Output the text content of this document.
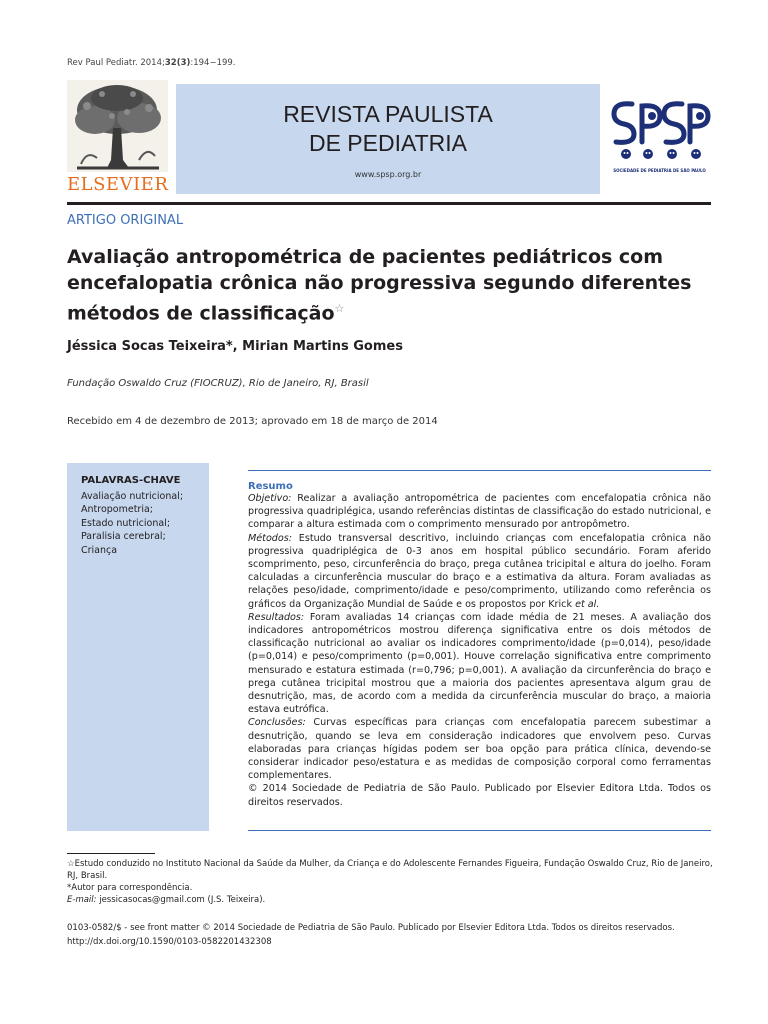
Rev Paul Pediatr. 2014;32(3):194−199.
ELSEVIER
REVISTA PAULISTA
DE PEDIATRIA
www.spsp.org.br	SOCIEDADE DE PEDIATRIA DE SÃO PAULO
ARTIGO ORIGINAL
Avaliação antropométrica de pacientes pediátricos com encefalopatia crônica não progressiva segundo diferentes métodos de classificação☆
Jéssica Socas Teixeira*, Mirian Martins Gomes
Fundação Oswaldo Cruz (FIOCRUZ), Rio de Janeiro, RJ, Brasil
Recebido em 4 de dezembro de 2013; aprovado em 18 de março de 2014
PALAVRAS-CHAVE
Avaliação nutricional;
Antropometria;
Estado nutricional;
Paralisia cerebral;
Criança
Resumo

Objetivo: Realizar a avaliação antropométrica de pacientes com encefalopatia crônica não progressiva quadriplégica, usando referências distintas de classificação do estado nutricional, e comparar a altura estimada com o comprimento mensurado por antropômetro.

Métodos: Estudo transversal descritivo, incluindo crianças com encefalopatia crônica não progressiva quadriplégica de 0-3 anos em hospital público secundário. Foram aferido scomprimento, peso, circunferência do braço, prega cutânea tricipital e altura do joelho. Foram calculadas a circunferência muscular do braço e a estimativa da altura. Foram avaliadas as relações peso/idade, comprimento/idade e peso/comprimento, utilizando como referência os gráficos da Organização Mundial de Saúde e os propostos por Krick et al.

Resultados: Foram avaliadas 14 crianças com idade média de 21 meses. A avaliação dos indicadores antropométricos mostrou diferença significativa entre os dois métodos de classificação nutricional ao avaliar os indicadores comprimento/idade (p=0,014), peso/idade (p=0,014) e peso/comprimento (p=0,001). Houve correlação significativa entre comprimento mensurado e estatura estimada (r=0,796; p=0,001). A avaliação da circunferência do braço e prega cutânea tricipital mostrou que a maioria dos pacientes apresentava algum grau de desnutrição, mas, de acordo com a medida da circunferência muscular do braço, a maioria estava eutrófica.

Conclusões: Curvas específicas para crianças com encefalopatia parecem subestimar a desnutrição, quando se leva em consideração indicadores que envolvem peso. Curvas elaboradas para crianças hígidas podem ser boa opção para prática clínica, devendo-se considerar indicador peso/estatura e as medidas de composição corporal como ferramentas complementares.

© 2014 Sociedade de Pediatria de São Paulo. Publicado por Elsevier Editora Ltda. Todos os direitos reservados.

☆Estudo conduzido no Instituto Nacional da Saúde da Mulher, da Criança e do Adolescente Fernandes Figueira, Fundação Oswaldo Cruz, Rio de Janeiro, RJ, Brasil.

*Autor para correspondência.

E-mail: jessicasocas@gmail.com (J.S. Teixeira).

0103-0582/$ - see front matter © 2014 Sociedade de Pediatria de São Paulo. Publicado por Elsevier Editora Ltda. Todos os direitos reservados.

http://dx.doi.org/10.1590/0103-0582201432308
